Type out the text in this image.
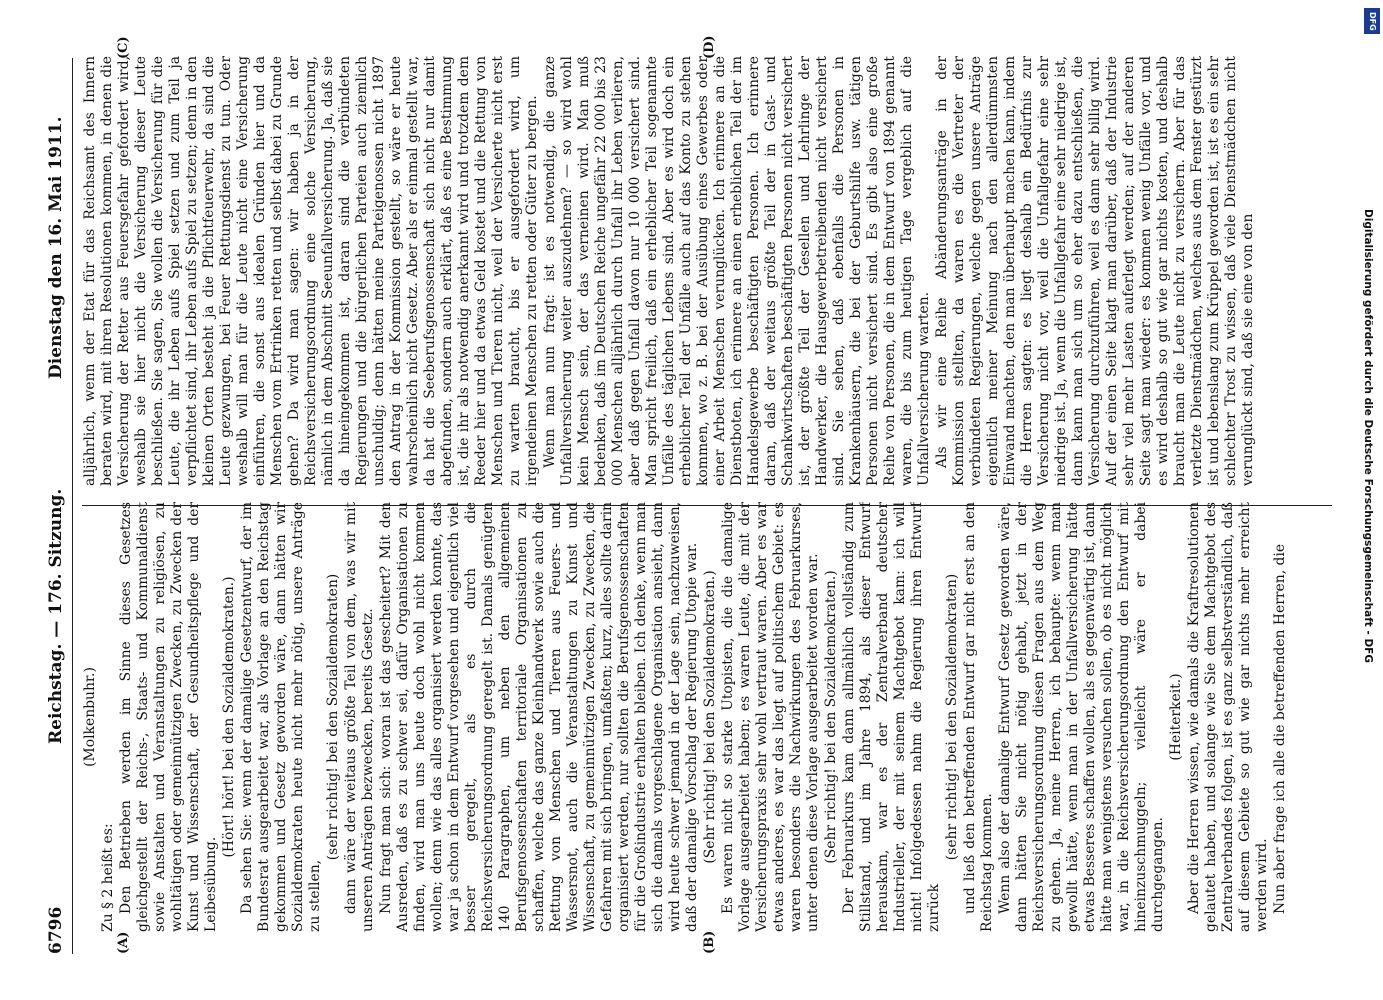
6796
Reichstag. — 176. Sitzung.
Dienstag den 16. Mai 1911.

(Molkenbuhr.)

Zu § 2 heißt es: Den Betrieben werden im Sinne dieses Gesetzes gleichgestellt der Reichs-, Staats- und Kommunaldienst sowie Anstalten und Veranstaltungen zu religiösen, zu wohltätigen oder gemeinnützigen Zwecken, zu Zwecken der Kunst und Wissenschaft, der Gesundheitspflege und der Leibesübung.

(Hört! hört! bei den Sozialdemokraten.) Da sehen Sie: wenn der damalige Gesetzentwurf, der im Bundesrat ausgearbeitet war, als Vorlage an den Reichstag gekommen und Gesetz geworden wäre, dann hätten wir Sozialdemokraten heute nicht mehr nötig, unsere Anträge zu stellen,

(sehr richtig! bei den Sozialdemokraten) dann wäre der weitaus größte Teil von dem, was wir mit unseren Anträgen bezwecken, bereits Gesetz. Nun fragt man sich: woran ist das gescheitert? Mit den Ausreden, daß es zu schwer sei, dafür Organisationen zu finden, wird man uns heute doch wohl nicht kommen wollen; denn wie das alles organisiert werden konnte, das war ja schon in dem Entwurf vorgesehen und eigentlich viel besser geregelt, als es durch die Reichsversicherungsordnung geregelt ist. Damals genügten 140 Paragraphen, um neben den allgemeinen Berufsgenossenschaften territoriale Organisationen zu schaffen, welche das ganze Kleinhandwerk sowie auch die Rettung von Menschen und Tieren aus Feuers- und Wassersnot, auch die Veranstaltungen zu Kunst und Wissenschaft, zu gemeinnützigen Zwecken, zu Zwecken, die Gefahren mit sich bringen, umfaßten; kurz, alles sollte darin organisiert werden, nur sollten die Berufsgenossenschaften für die Großindustrie erhalten bleiben. Ich denke, wenn man sich die damals vorgeschlagene Organisation ansieht, dann wird heute schwer jemand in der Lage sein, nachzuweisen, daß der damalige Vorschlag der Regierung Utopie war. (Sehr richtig! bei den Sozialdemokraten.) Es waren nicht so starke Utopisten, die die damalige Vorlage ausgearbeitet haben; es waren Leute, die mit der Versicherungspraxis sehr wohl vertraut waren. Aber es war etwas anderes, es war das liegt auf politischem Gebiet: es waren besonders die Nachwirkungen des Februarkurses, unter denen diese Vorlage ausgearbeitet worden war. (Sehr richtig! bei den Sozialdemokraten.) Der Februarkurs kam dann allmählich vollständig zum Stillstand, und im Jahre 1894, als dieser Entwurf herauskam, war es der Zentralverband deutscher Industrieller, der mit seinem Machtgebot kam: ich will nicht! Infolgedessen nahm die Regierung ihren Entwurf zurück

(sehr richtig! bei den Sozialdemokraten) und ließ den betreffenden Entwurf gar nicht erst an den Reichstag kommen. Wenn also der damalige Entwurf Gesetz geworden wäre, dann hätten Sie nicht nötig gehabt, jetzt in der Reichsversicherungsordnung diesen Fragen aus dem Weg zu gehen. Ja, meine Herren, ich behaupte: wenn man gewollt hätte, wenn man in der Unfallversicherung hätte etwas Besseres schaffen wollen, als es gegenwärtig ist, dann hätte man wenigstens versuchen sollen, ob es nicht möglich war, in die Reichsversicherungsordnung den Entwurf mit hineinzuschmuggeln; vielleicht wäre er dabei durchgegangen.

(Heiterkeit.) Aber die Herren wissen, wie damals die Kraftresolutionen gelautet haben, und solange wie Sie dem Machtgebot des Zentralverbandes folgen, ist es ganz selbstverständlich, daß auf diesem Gebiete so gut wie gar nichts mehr erreicht werden wird. Nun aber frage ich alle die betreffenden Herren, die

alljährlich, wenn der Etat für das Reichsamt des Innern beraten wird, mit ihren Resolutionen kommen, in denen die Versicherung der Retter aus Feuersgefahr gefordert wird, weshalb sie hier nicht die Versicherung dieser Leute beschließen. Sie sagen, Sie wollen die Versicherung für die Leute, die ihr Leben aufs Spiel setzen und zum Teil ja verpflichtet sind, ihr Leben aufs Spiel zu setzen; denn in den kleinen Orten besteht ja die Pflichtfeuerwehr, da sind die Leute gezwungen, bei Feuer Rettungsdienst zu tun. Oder weshalb will man für die Leute nicht eine Versicherung einführen, die sonst aus idealen Gründen hier und da Menschen vom Ertrinken retten und selbst dabei zu Grunde gehen? Da wird man sagen: wir haben ja in der Reichsversicherungsordnung eine solche Versicherung, nämlich in dem Abschnitt Seeunfallversicherung. Ja, daß sie da hineingekommen ist, daran sind die verbündeten Regierungen und die bürgerlichen Parteien auch ziemlich unschuldig; denn hätten meine Parteigenossen nicht 1897 den Antrag in der Kommission gestellt, so wäre er heute wahrscheinlich nicht Gesetz. Aber als er einmal gestellt war, da hat die Seeberufsgenossenschaft sich nicht nur damit abgefunden, sondern auch erklärt, daß es eine Bestimmung ist, die ihr als notwendig anerkannt wird und trotzdem dem Reeder hier und da etwas Geld kostet und die Rettung von Menschen und Tieren nicht, weil der Versicherte nicht erst zu warten braucht, bis er ausgefordert wird, um irgendeinen Menschen zu retten oder Güter zu bergen. Wenn man nun fragt: ist es notwendig, die ganze Unfallversicherung weiter auszudehnen? — so wird wohl kein Mensch sein, der das verneinen wird. Man muß bedenken, daß im Deutschen Reiche ungefähr 22 000 bis 23 000 Menschen alljährlich durch Unfall ihr Leben verlieren, aber daß gegen Unfall davon nur 10 000 versichert sind. Man spricht freilich, daß ein erheblicher Teil sogenannte Unfälle des täglichen Lebens sind. Aber es wird doch ein erheblicher Teil der Unfälle auch auf das Konto zu stehen kommen, wo z. B. bei der Ausübung eines Gewerbes oder einer Arbeit Menschen verunglücken. Ich erinnere an die Dienstboten, ich erinnere an einen erheblichen Teil der im Handelsgewerbe beschäftigten Personen. Ich erinnere daran, daß der weitaus größte Teil der in Gast- und Schankwirtschaften beschäftigten Personen nicht versichert ist, der größte Teil der Gesellen und Lehrlinge der Handwerker, die Hausgewerbetreibenden nicht versichert sind. Sie sehen, daß ebenfalls die Personen in Krankenhäusern, die bei der Geburtshilfe usw. tätigen Personen nicht versichert sind. Es gibt also eine große Reihe von Personen, die in dem Entwurf von 1894 genannt waren, die bis zum heutigen Tage vergeblich auf die Unfallversicherung warten. Als wir eine Reihe Abänderungsanträge in der Kommission stellten, da waren es die Vertreter der verbündeten Regierungen, welche gegen unsere Anträge eigentlich meiner Meinung nach den allerdümmsten Einwand machten, den man überhaupt machen kann, indem die Herren sagten: es liegt deshalb ein Bedürfnis zur Versicherung nicht vor, weil die Unfallgefahr eine sehr niedrige ist. Ja, wenn die Unfallgefahr eine sehr niedrige ist, dann kann man sich um so eher dazu entschließen, die Versicherung durchzuführen, weil es dann sehr billig wird. Auf der einen Seite klagt man darüber, daß der Industrie sehr viel mehr Lasten auferlegt werden; auf der anderen Seite sagt man wieder: es kommen wenig Unfälle vor, und es wird deshalb so gut wie gar nichts kosten, und deshalb braucht man die Leute nicht zu versichern. Aber für das verletzte Dienstmädchen, welches aus dem Fenster gestürzt ist und lebenslang zum Krüppel geworden ist, ist es ein sehr schlechter Trost zu wissen, daß viele Dienstmädchen nicht verunglückt sind, daß sie eine von den

(A)	(B)
(C)	(D)
DFG
Digitalisierung gefördert durch die Deutsche Forschungsgemeinschaft - DFG
